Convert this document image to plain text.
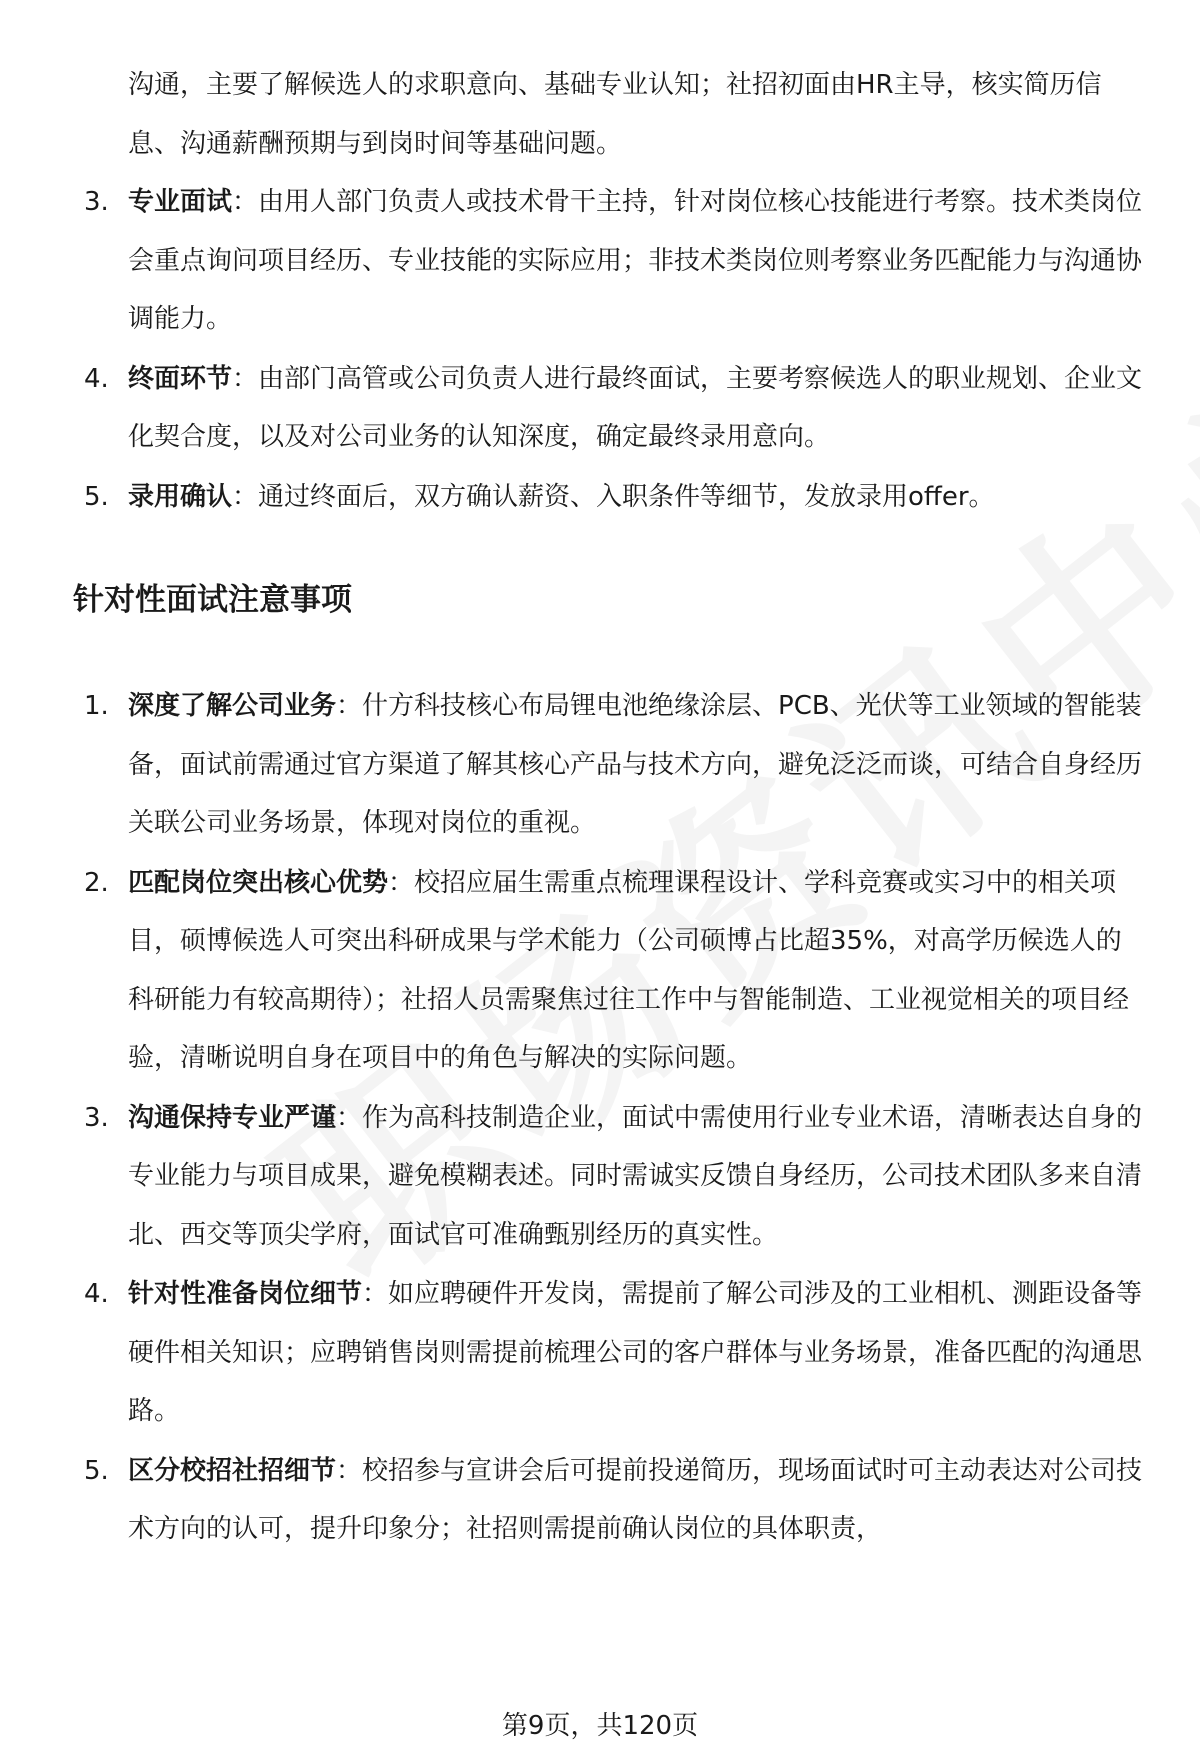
沟通，主要了解候选人的求职意向、基础专业认知；社招初面由HR主导，核实简历信息、沟通薪酬预期与到岗时间等基础问题。
3. 专业面试：由用人部门负责人或技术骨干主持，针对岗位核心技能进行考察。技术类岗位会重点询问项目经历、专业技能的实际应用；非技术类岗位则考察业务匹配能力与沟通协调能力。
4. 终面环节：由部门高管或公司负责人进行最终面试，主要考察候选人的职业规划、企业文化契合度，以及对公司业务的认知深度，确定最终录用意向。
5. 录用确认：通过终面后，双方确认薪资、入职条件等细节，发放录用offer。
针对性面试注意事项
1. 深度了解公司业务：什方科技核心布局锂电池绝缘涂层、PCB、光伏等工业领域的智能装备，面试前需通过官方渠道了解其核心产品与技术方向，避免泛泛而谈，可结合自身经历关联公司业务场景，体现对岗位的重视。
2. 匹配岗位突出核心优势：校招应届生需重点梳理课程设计、学科竞赛或实习中的相关项目，硕博候选人可突出科研成果与学术能力（公司硕博占比超35%，对高学历候选人的科研能力有较高期待）；社招人员需聚焦过往工作中与智能制造、工业视觉相关的项目经验，清晰说明自身在项目中的角色与解决的实际问题。
3. 沟通保持专业严谨：作为高科技制造企业，面试中需使用行业专业术语，清晰表达自身的专业能力与项目成果，避免模糊表述。同时需诚实反馈自身经历，公司技术团队多来自清北、西交等顶尖学府，面试官可准确甄别经历的真实性。
4. 针对性准备岗位细节：如应聘硬件开发岗，需提前了解公司涉及的工业相机、测距设备等硬件相关知识；应聘销售岗则需提前梳理公司的客户群体与业务场景，准备匹配的沟通思路。
5. 区分校招社招细节：校招参与宣讲会后可提前投递简历，现场面试时可主动表达对公司技术方向的认可，提升印象分；社招则需提前确认岗位的具体职责，
第9页，共120页
